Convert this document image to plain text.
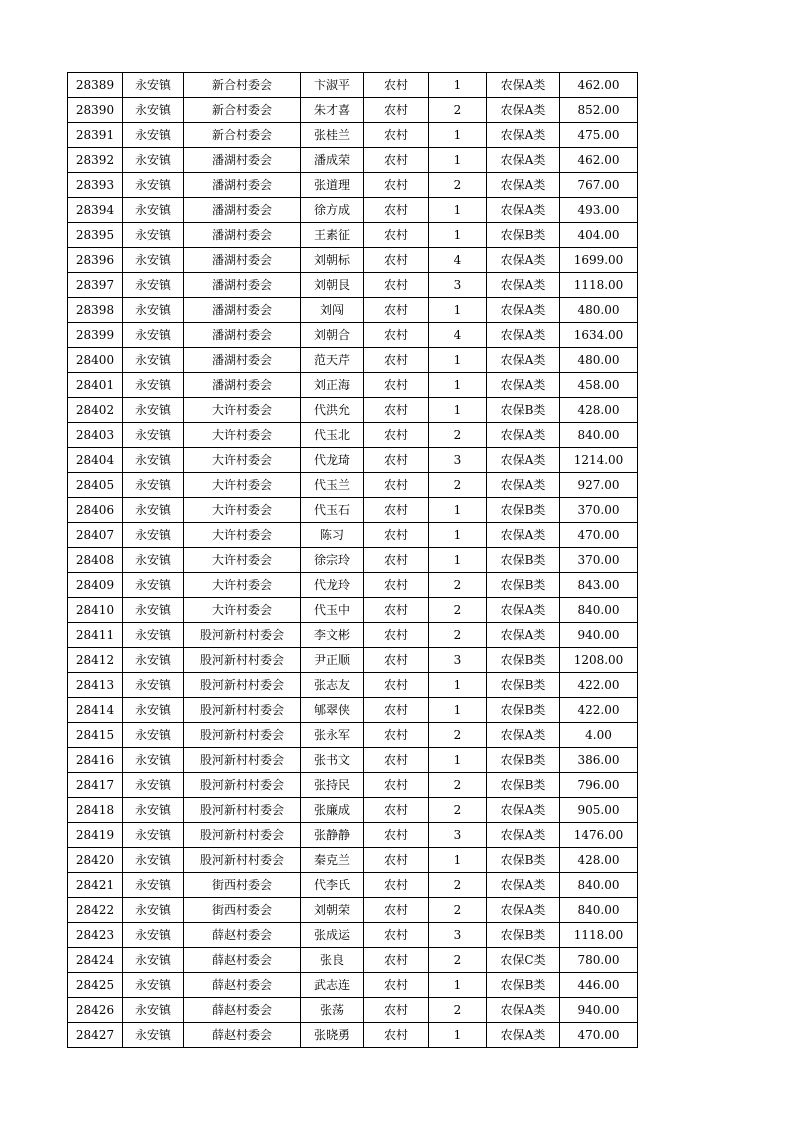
28389	永安镇	新合村委会	卞淑平	农村	1	农保A类	462.00
28390	永安镇	新合村委会	朱才喜	农村	2	农保A类	852.00
28391	永安镇	新合村委会	张桂兰	农村	1	农保A类	475.00
28392	永安镇	潘湖村委会	潘成荣	农村	1	农保A类	462.00
28393	永安镇	潘湖村委会	张道理	农村	2	农保A类	767.00
28394	永安镇	潘湖村委会	徐方成	农村	1	农保A类	493.00
28395	永安镇	潘湖村委会	王素征	农村	1	农保B类	404.00
28396	永安镇	潘湖村委会	刘朝标	农村	4	农保A类	1699.00
28397	永安镇	潘湖村委会	刘朝艮	农村	3	农保A类	1118.00
28398	永安镇	潘湖村委会	刘闯	农村	1	农保A类	480.00
28399	永安镇	潘湖村委会	刘朝合	农村	4	农保A类	1634.00
28400	永安镇	潘湖村委会	范天芹	农村	1	农保A类	480.00
28401	永安镇	潘湖村委会	刘正海	农村	1	农保A类	458.00
28402	永安镇	大许村委会	代洪允	农村	1	农保B类	428.00
28403	永安镇	大许村委会	代玉北	农村	2	农保A类	840.00
28404	永安镇	大许村委会	代龙琦	农村	3	农保A类	1214.00
28405	永安镇	大许村委会	代玉兰	农村	2	农保A类	927.00
28406	永安镇	大许村委会	代玉石	农村	1	农保B类	370.00
28407	永安镇	大许村委会	陈习	农村	1	农保A类	470.00
28408	永安镇	大许村委会	徐宗玲	农村	1	农保B类	370.00
28409	永安镇	大许村委会	代龙玲	农村	2	农保B类	843.00
28410	永安镇	大许村委会	代玉中	农村	2	农保A类	840.00
28411	永安镇	股河新村村委会	李文彬	农村	2	农保A类	940.00
28412	永安镇	股河新村村委会	尹正顺	农村	3	农保B类	1208.00
28413	永安镇	股河新村村委会	张志友	农村	1	农保B类	422.00
28414	永安镇	股河新村村委会	郇翠侠	农村	1	农保B类	422.00
28415	永安镇	股河新村村委会	张永军	农村	2	农保A类	4.00
28416	永安镇	股河新村村委会	张书文	农村	1	农保B类	386.00
28417	永安镇	股河新村村委会	张持民	农村	2	农保B类	796.00
28418	永安镇	股河新村村委会	张廉成	农村	2	农保A类	905.00
28419	永安镇	股河新村村委会	张静静	农村	3	农保A类	1476.00
28420	永安镇	股河新村村委会	秦克兰	农村	1	农保B类	428.00
28421	永安镇	街西村委会	代李氏	农村	2	农保A类	840.00
28422	永安镇	街西村委会	刘朝荣	农村	2	农保A类	840.00
28423	永安镇	薛赵村委会	张成运	农村	3	农保B类	1118.00
28424	永安镇	薛赵村委会	张良	农村	2	农保C类	780.00
28425	永安镇	薛赵村委会	武志连	农村	1	农保B类	446.00
28426	永安镇	薛赵村委会	张荡	农村	2	农保A类	940.00
28427	永安镇	薛赵村委会	张晓勇	农村	1	农保A类	470.00
